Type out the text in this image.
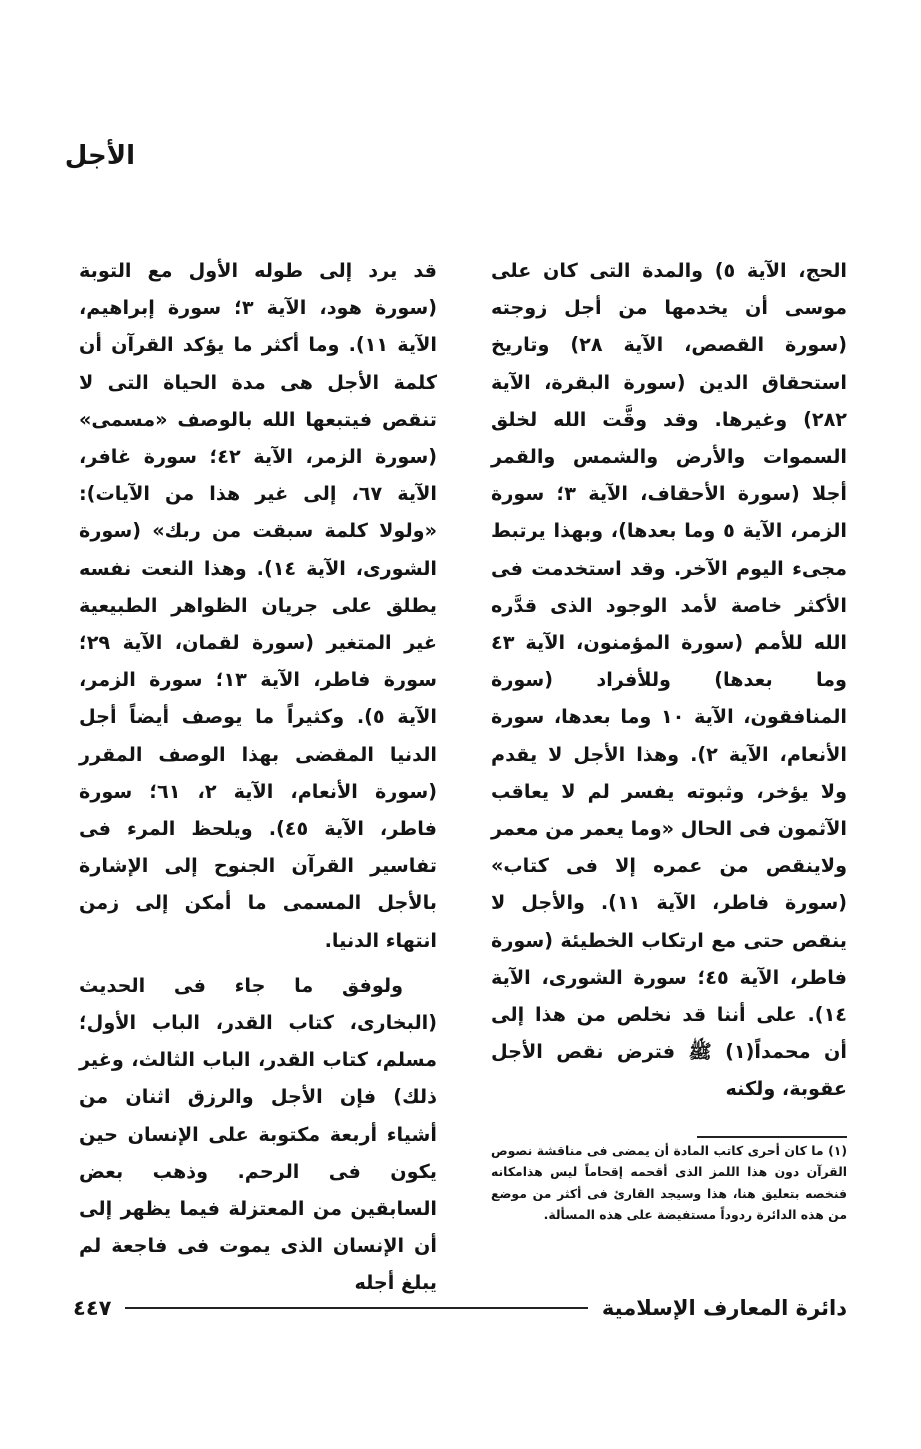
الأجل

الحج، الآية ٥) والمدة التى كان على موسى أن يخدمها من أجل زوجته (سورة القصص، الآية ٢٨) وتاريخ استحقاق الدين (سورة البقرة، الآية ٢٨٢) وغيرها. وقد وقَّت الله لخلق السموات والأرض والشمس والقمر أجلا (سورة الأحقاف، الآية ٣؛ سورة الزمر، الآية ٥ وما بعدها)، وبهذا يرتبط مجىء اليوم الآخر. وقد استخدمت فى الأكثر خاصة لأمد الوجود الذى قدَّره الله للأمم (سورة المؤمنون، الآية ٤٣ وما بعدها) وللأفراد (سورة المنافقون، الآية ١٠ وما بعدها، سورة الأنعام، الآية ٢). وهذا الأجل لا يقدم ولا يؤخر، وثبوته يفسر لم لا يعاقب الآثمون فى الحال «وما يعمر من معمر ولاينقص من عمره إلا فى كتاب» (سورة فاطر، الآية ١١). والأجل لا ينقص حتى مع ارتكاب الخطيئة (سورة فاطر، الآية ٤٥؛ سورة الشورى، الآية ١٤). على أننا قد نخلص من هذا إلى أن محمداً(١) ﷺ فترض نقص الأجل عقوبة، ولكنه

قد يرد إلى طوله الأول مع التوبة (سورة هود، الآية ٣؛ سورة إبراهيم، الآية ١١). وما أكثر ما يؤكد القرآن أن كلمة الأجل هى مدة الحياة التى لا تنقص فيتبعها الله بالوصف «مسمى» (سورة الزمر، الآية ٤٢؛ سورة غافر، الآية ٦٧، إلى غير هذا من الآيات): «ولولا كلمة سبقت من ربك» (سورة الشورى، الآية ١٤). وهذا النعت نفسه يطلق على جريان الظواهر الطبيعية غير المتغير (سورة لقمان، الآية ٢٩؛ سورة فاطر، الآية ١٣؛ سورة الزمر، الآية ٥). وكثيراً ما يوصف أيضاً أجل الدنيا المقضى بهذا الوصف المقرر (سورة الأنعام، الآية ٢، ٦١؛ سورة فاطر، الآية ٤٥). ويلحظ المرء فى تفاسير القرآن الجنوح إلى الإشارة بالأجل المسمى ما أمكن إلى زمن انتهاء الدنيا.

ولوفق ما جاء فى الحديث (البخارى، كتاب القدر، الباب الأول؛ مسلم، كتاب القدر، الباب الثالث، وغير ذلك) فإن الأجل والرزق اثنان من أشياء أربعة مكتوبة على الإنسان حين يكون فى الرحم. وذهب بعض السابقين من المعتزلة فيما يظهر إلى أن الإنسان الذى يموت فى فاجعة لم يبلغ أجله

(١) ما كان أحرى كاتب المادة أن يمضى فى مناقشة نصوص القرآن دون هذا اللمز الذى أقحمه إقحاماً ليس هذامكانه فنخصه بتعليق هنا، هذا وسيجد القارئ فى أكثر من موضع من هذه الدائرة ردوداً مستفيضة على هذه المسألة.

دائرة المعارف الإسلامية
٤٤٧
